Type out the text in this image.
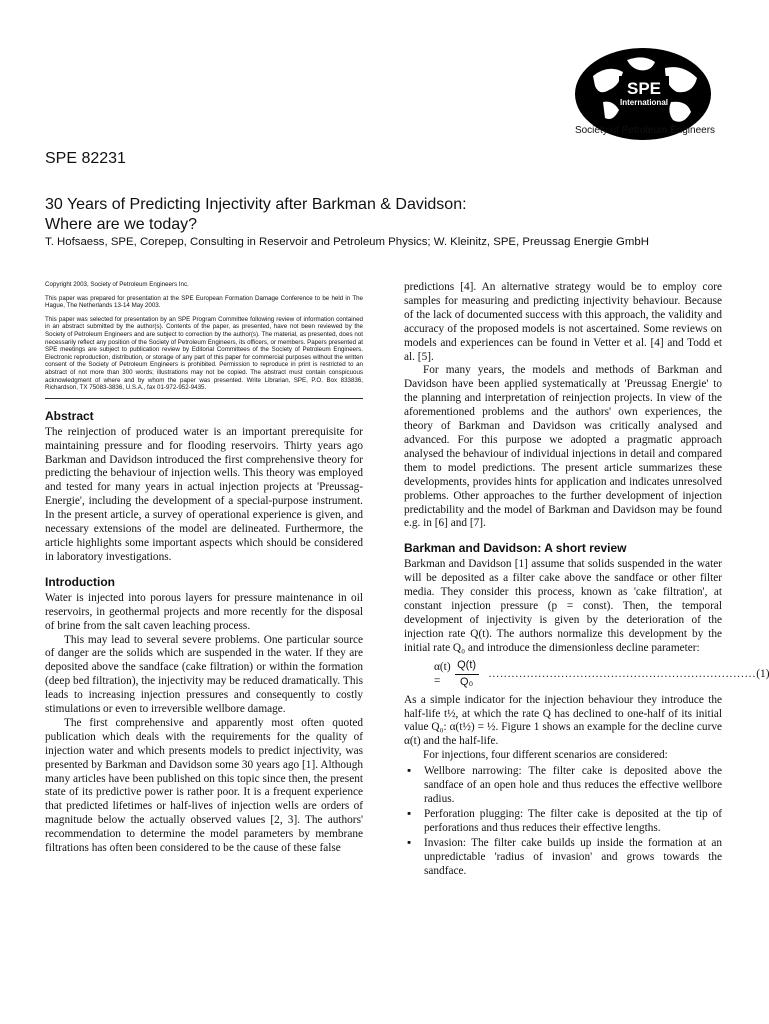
SPE
International
Society of Petroleum Engineers
SPE 82231
30 Years of Predicting Injectivity after Barkman & Davidson:
Where are we today?
T. Hofsaess, SPE, Corepep, Consulting in Reservoir and Petroleum Physics; W. Kleinitz, SPE, Preussag Energie GmbH

Copyright 2003, Society of Petroleum Engineers Inc.

This paper was prepared for presentation at the SPE European Formation Damage Conference to be held in The Hague, The Netherlands 13-14 May 2003.

This paper was selected for presentation by an SPE Program Committee following review of information contained in an abstract submitted by the author(s). Contents of the paper, as presented, have not been reviewed by the Society of Petroleum Engineers and are subject to correction by the author(s). The material, as presented, does not necessarily reflect any position of the Society of Petroleum Engineers, its officers, or members. Papers presented at SPE meetings are subject to publication review by Editorial Committees of the Society of Petroleum Engineers. Electronic reproduction, distribution, or storage of any part of this paper for commercial purposes without the written consent of the Society of Petroleum Engineers is prohibited. Permission to reproduce in print is restricted to an abstract of not more than 300 words; illustrations may not be copied. The abstract must contain conspicuous acknowledgment of where and by whom the paper was presented. Write Librarian, SPE, P.O. Box 833836, Richardson, TX 75083-3836, U.S.A., fax 01-972-952-9435.

Abstract

The reinjection of produced water is an important prerequisite for maintaining pressure and for flooding reservoirs. Thirty years ago Barkman and Davidson introduced the first comprehensive theory for predicting the behaviour of injection wells. This theory was employed and tested for many years in actual injection projects at 'Preussag-Energie', including the development of a special-purpose instrument. In the present article, a survey of operational experience is given, and necessary extensions of the model are delineated. Furthermore, the article highlights some important aspects which should be considered in laboratory investigations.

Introduction

Water is injected into porous layers for pressure maintenance in oil reservoirs, in geothermal projects and more recently for the disposal of brine from the salt caven leaching process.

This may lead to several severe problems. One particular source of danger are the solids which are suspended in the water. If they are deposited above the sandface (cake filtration) or within the formation (deep bed filtration), the injectivity may be reduced dramatically. This leads to increasing injection pressures and consequently to costly stimulations or even to irreversible wellbore damage.

The first comprehensive and apparently most often quoted publication which deals with the requirements for the quality of injection water and which presents models to predict injectivity, was presented by Barkman and Davidson some 30 years ago [1]. Although many articles have been published on this topic since then, the present state of its predictive power is rather poor. It is a frequent experience that predicted lifetimes or half-lives of injection wells are orders of magnitude below the actually observed values [2, 3]. The authors' recommendation to determine the model parameters by membrane filtrations has often been considered to be the cause of these false

predictions [4]. An alternative strategy would be to employ core samples for measuring and predicting injectivity behaviour. Because of the lack of documented success with this approach, the validity and accuracy of the proposed models is not ascertained. Some reviews on models and experiences can be found in Vetter et al. [4] and Todd et al. [5].

For many years, the models and methods of Barkman and Davidson have been applied systematically at 'Preussag Energie' to the planning and interpretation of reinjection projects. In view of the aforementioned problems and the authors' own experiences, the theory of Barkman and Davidson was critically analysed and advanced. For this purpose we adopted a pragmatic approach analysed the behaviour of individual injections in detail and compared them to model predictions. The present article summarizes these developments, provides hints for application and indicates unresolved problems. Other approaches to the further development of injection predictability and the model of Barkman and Davidson may be found e.g. in [6] and [7].

Barkman and Davidson: A short review

Barkman and Davidson [1] assume that solids suspended in the water will be deposited as a filter cake above the sandface or other filter media. They consider this process, known as 'cake filtration', at constant injection pressure (p = const). Then, the temporal development of injectivity is given by the deterioration of the injection rate Q(t). The authors normalize this development by the initial rate Q₀ and introduce the dimensionless decline parameter:

α(t) =	$\frac{Q(t)}{\text{Q₀}}$ ...................................................................... (1)

As a simple indicator for the injection behaviour they introduce the half-life t½, at which the rate Q has declined to one-half of its initial value Q₀: α(t½) = ½. Figure 1 shows an example for the decline curve α(t) and the half-life.

For injections, four different scenarios are considered:

▪ Wellbore narrowing: The filter cake is deposited above the sandface of an open hole and thus reduces the effective wellbore radius.
▪ Perforation plugging: The filter cake is deposited at the tip of perforations and thus reduces their effective lengths.
▪ Invasion: The filter cake builds up inside the formation at an unpredictable 'radius of invasion' and grows towards the sandface.
